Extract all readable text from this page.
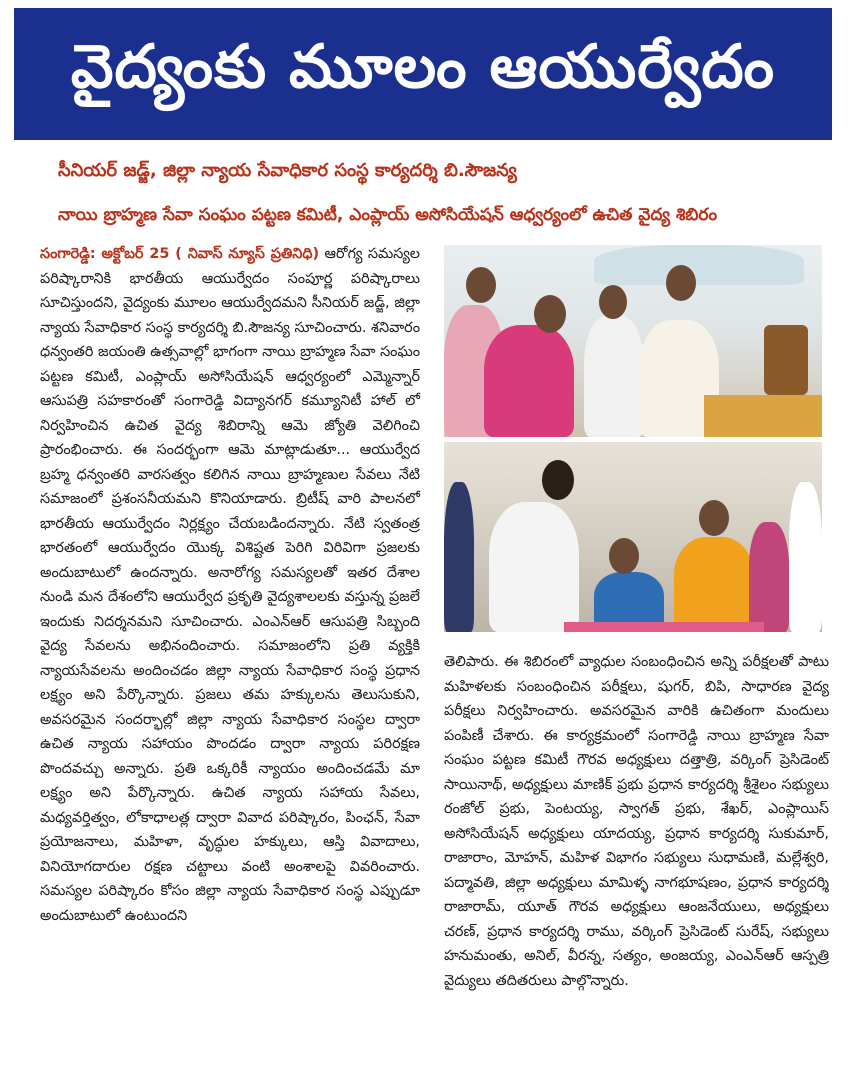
వైద్యంకు మూలం ఆయుర్వేదం
సీనియర్ జడ్జ్, జిల్లా న్యాయ సేవాధికార సంస్థ కార్యదర్శి బి.సౌజన్య
నాయి బ్రాహ్మణ సేవా సంఘం పట్టణ కమిటీ, ఎంప్లాయ్ అసోసియేషన్ ఆధ్వర్యంలో ఉచిత వైద్య శిబిరం
సంగారెడ్డి: అక్టోబర్ 25 ( నివాస్ న్యూస్ ప్రతినిధి) ఆరోగ్య సమస్యల పరిష్కారానికి భారతీయ ఆయుర్వేదం సంపూర్ణ పరిష్కారాలు సూచిస్తుందని, వైద్యంకు మూలం ఆయుర్వేదమని సీనియర్ జడ్జ్, జిల్లా న్యాయ సేవాధికార సంస్థ కార్యదర్శి బి.సౌజన్య సూచించారు. శనివారం ధన్వంతరి జయంతి ఉత్సవాల్లో భాగంగా నాయి బ్రాహ్మణ సేవా సంఘం పట్టణ కమిటీ, ఎంప్లాయ్ అసోసియేషన్ ఆధ్వర్యంలో ఎమ్మెన్నార్ ఆసుపత్రి సహకారంతో సంగారెడ్డి విద్యానగర్ కమ్యూనిటీ హాల్ లో నిర్వహించిన ఉచిత వైద్య శిబిరాన్ని ఆమె జ్యోతి వెలిగించి ప్రారంభించారు. ఈ సందర్భంగా ఆమె మాట్లాడుతూ... ఆయుర్వేద బ్రహ్మ ధన్వంతరి వారసత్వం కలిగిన నాయి బ్రాహ్మణుల సేవలు నేటి సమాజంలో ప్రశంసనీయమని కొనియాడారు. బ్రిటీష్ వారి పాలనలో భారతీయ ఆయుర్వేదం నిర్లక్ష్యం చేయబడిందన్నారు. నేటి స్వతంత్ర భారతంలో ఆయుర్వేదం యొక్క విశిష్టత పెరిగి విరివిగా ప్రజలకు అందుబాటులో ఉందన్నారు. అనారోగ్య సమస్యలతో ఇతర దేశాల నుండి మన దేశంలోని ఆయుర్వేద ప్రకృతి వైద్యశాలలకు వస్తున్న ప్రజలే ఇందుకు నిదర్శనమని సూచించారు. ఎంఎన్ఆర్ ఆసుపత్రి సిబ్బంది వైద్య సేవలను అభినందించారు. సమాజంలోని ప్రతి వ్యక్తికి న్యాయసేవలను అందించడం జిల్లా న్యాయ సేవాధికార సంస్థ ప్రధాన లక్ష్యం అని పేర్కొన్నారు. ప్రజలు తమ హక్కులను తెలుసుకుని, అవసరమైన సందర్భాల్లో జిల్లా న్యాయ సేవాధికార సంస్థల ద్వారా ఉచిత న్యాయ సహాయం పొందడం ద్వారా న్యాయ పరిరక్షణ పొందవచ్చు అన్నారు. ప్రతి ఒక్కరికీ న్యాయం అందించడమే మా లక్ష్యం అని పేర్కొన్నారు. ఉచిత న్యాయ సహాయ సేవలు, మధ్యవర్తిత్వం, లోకాధాలత్ల ద్వారా వివాద పరిష్కారం, పింఛన్, సేవా ప్రయోజనాలు, మహిళా, వృద్ధుల హక్కులు, ఆస్తి వివాదాలు, వినియోగదారుల రక్షణ చట్టాలు వంటి అంశాలపై వివరించారు. సమస్యల పరిష్కారం కోసం జిల్లా న్యాయ సేవాధికార సంస్థ ఎప్పుడూ అందుబాటులో ఉంటుందని
తెలిపారు. ఈ శిబిరంలో వ్యాధుల సంబంధించిన అన్ని పరీక్షలతో పాటు మహిళలకు సంబంధించిన పరీక్షలు, షుగర్, బిపి, సాధారణ వైద్య పరీక్షలు నిర్వహించారు. అవసరమైన వారికి ఉచితంగా మందులు పంపిణీ చేశారు. ఈ కార్యక్రమంలో సంగారెడ్డి నాయి బ్రాహ్మణ సేవా సంఘం పట్టణ కమిటీ గౌరవ అధ్యక్షులు దత్తాత్రి, వర్కింగ్ ప్రెసిడెంట్ సాయినాథ్, అధ్యక్షులు మాణిక్ ప్రభు ప్రధాన కార్యదర్శి శ్రీశైలం సభ్యులు రంజోల్ ప్రభు, పెంటయ్య, స్వాగత్ ప్రభు, శేఖర్, ఎంప్లాయిస్ అసోసియేషన్ అధ్యక్షులు యాదయ్య, ప్రధాన కార్యదర్శి సుకుమార్, రాజారాం, మోహన్, మహిళ విభాగం సభ్యులు సుధామణి, మల్లేశ్వరి, పద్మావతి, జిల్లా అధ్యక్షులు మామిళ్ళ నాగభూషణం, ప్రధాన కార్యదర్శి రాజారామ్, యూత్ గౌరవ అధ్యక్షులు ఆంజనేయులు, అధ్యక్షులు చరణ్, ప్రధాన కార్యదర్శి రాము, వర్కింగ్ ప్రెసిడెంట్ సురేష్, సభ్యులు హనుమంతు, అనిల్, వీరన్న, సత్యం, అంజయ్య, ఎంఎన్ఆర్ ఆస్పత్రి వైద్యులు తదితరులు పాల్గొన్నారు.
